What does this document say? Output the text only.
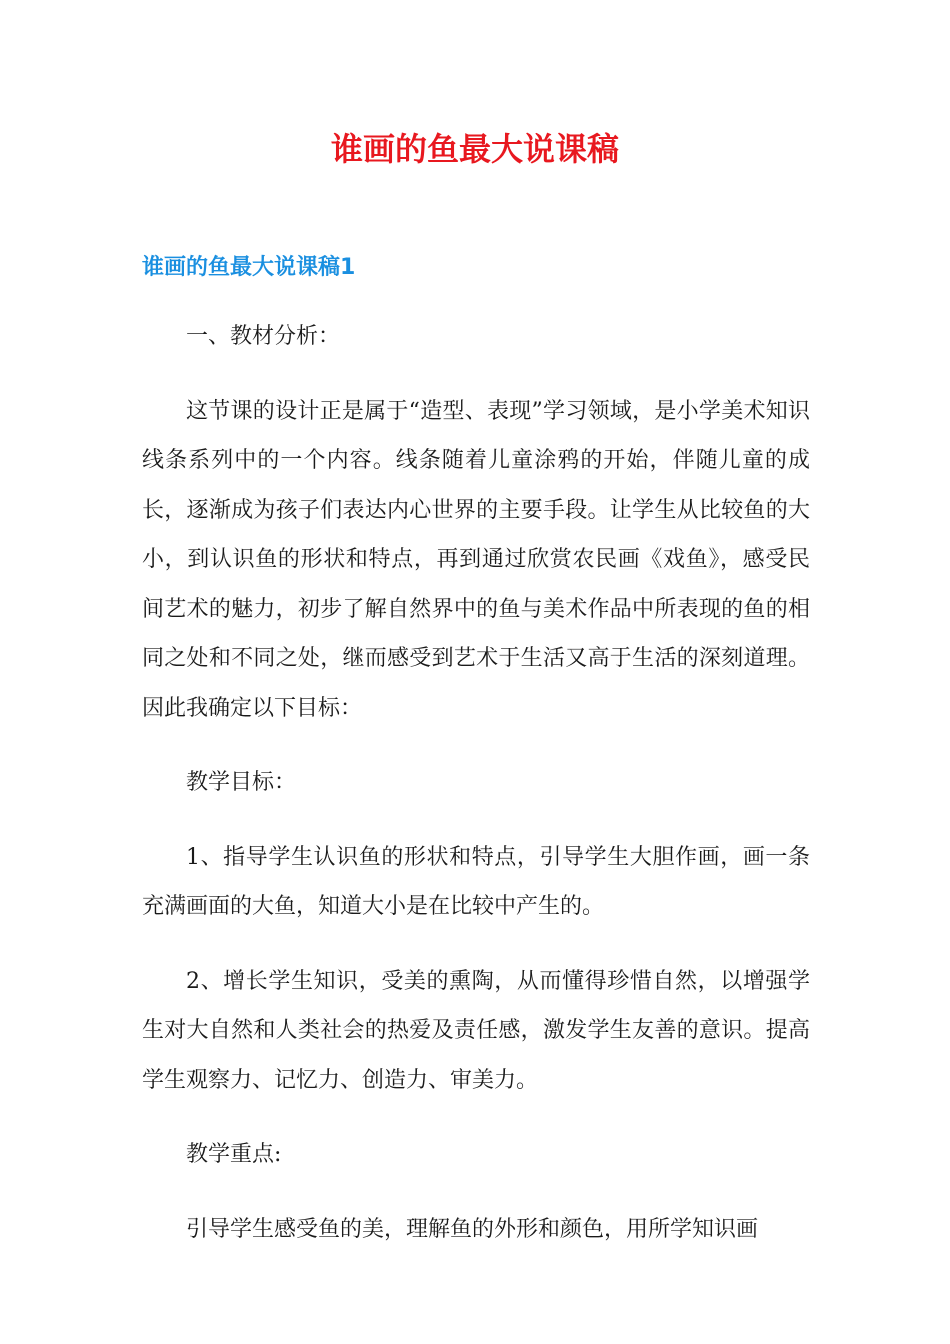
谁画的鱼最大说课稿
谁画的鱼最大说课稿1

一、教材分析：

这节课的设计正是属于“造型、表现”学习领域，是小学美术知识线条系列中的一个内容。线条随着儿童涂鸦的开始，伴随儿童的成长，逐渐成为孩子们表达内心世界的主要手段。让学生从比较鱼的大小，到认识鱼的形状和特点，再到通过欣赏农民画《戏鱼》，感受民间艺术的魅力，初步了解自然界中的鱼与美术作品中所表现的鱼的相同之处和不同之处，继而感受到艺术于生活又高于生活的深刻道理。因此我确定以下目标：

教学目标：

1、指导学生认识鱼的形状和特点，引导学生大胆作画，画一条充满画面的大鱼，知道大小是在比较中产生的。

2、增长学生知识，受美的熏陶，从而懂得珍惜自然，以增强学生对大自然和人类社会的热爱及责任感，激发学生友善的意识。提高学生观察力、记忆力、创造力、审美力。

教学重点:

引导学生感受鱼的美，理解鱼的外形和颜色，用所学知识画
